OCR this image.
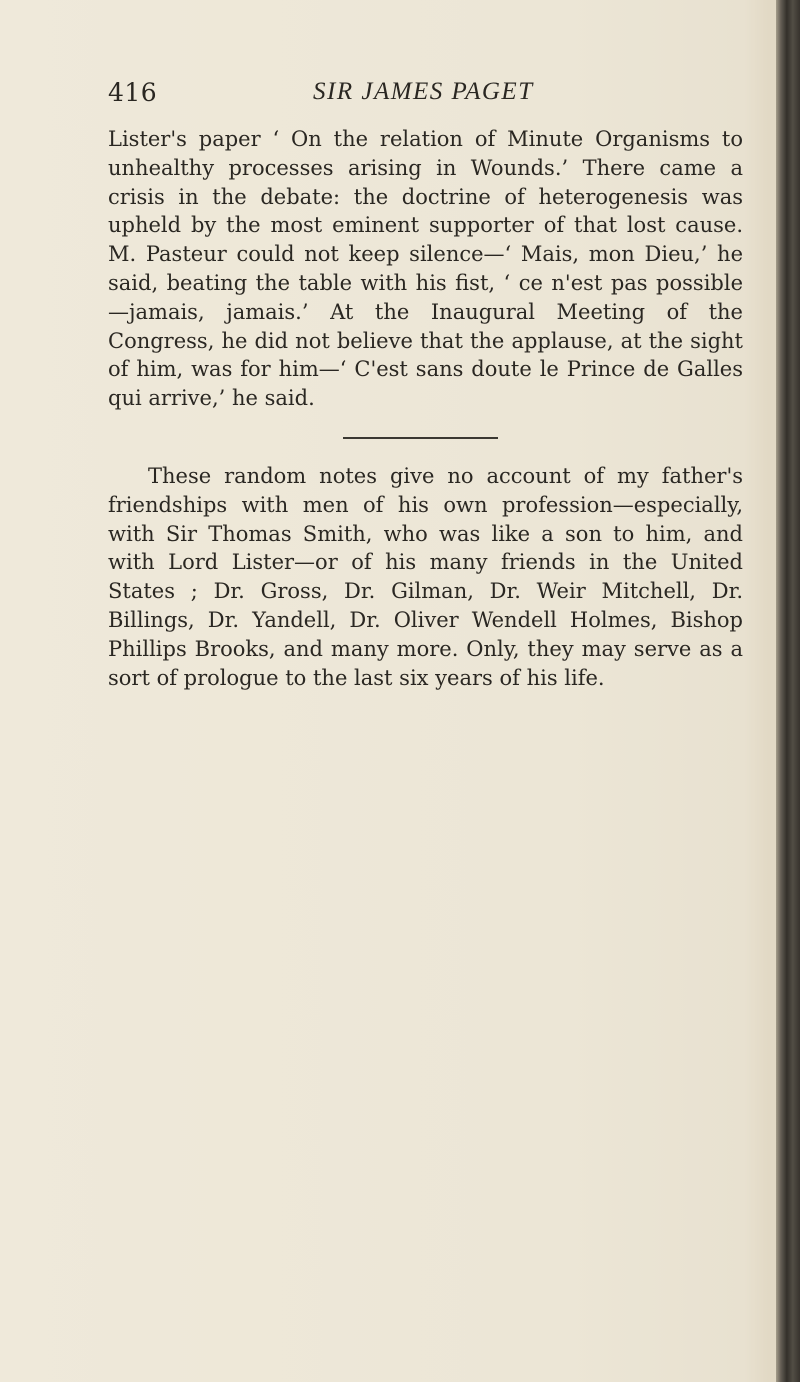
416	SIR JAMES PAGET

Lister's paper ‘ On the relation of Minute Organisms to unhealthy processes arising in Wounds.’ There came a crisis in the debate: the doctrine of heterogenesis was upheld by the most eminent supporter of that lost cause. M. Pasteur could not keep silence—‘ Mais, mon Dieu,’ he said, beating the table with his fist, ‘ ce n'est pas possible—jamais, jamais.’ At the Inaugural Meeting of the Congress, he did not believe that the applause, at the sight of him, was for him—‘ C'est sans doute le Prince de Galles qui arrive,’ he said.

These random notes give no account of my father's friendships with men of his own profession—especially, with Sir Thomas Smith, who was like a son to him, and with Lord Lister—or of his many friends in the United States ; Dr. Gross, Dr. Gilman, Dr. Weir Mitchell, Dr. Billings, Dr. Yandell, Dr. Oliver Wendell Holmes, Bishop Phillips Brooks, and many more. Only, they may serve as a sort of prologue to the last six years of his life.
